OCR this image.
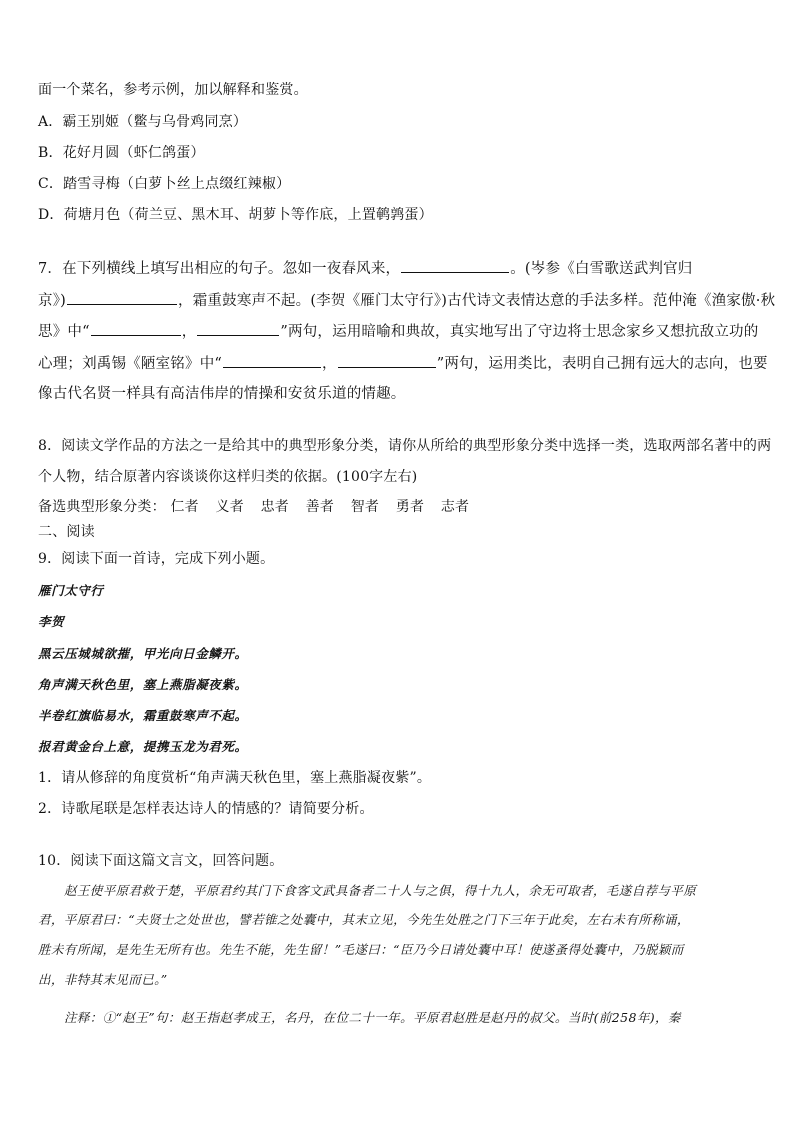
面一个菜名，参考示例，加以解释和鉴赏。
A．霸王别姬（鳖与乌骨鸡同烹）
B．花好月圆（虾仁鸽蛋）
C．踏雪寻梅（白萝卜丝上点缀红辣椒）
D．荷塘月色（荷兰豆、黑木耳、胡萝卜等作底，上置鹌鹑蛋）
7．在下列横线上填写出相应的句子。忽如一夜春风来，	。(岑参《白雪歌送武判官归
京》)	，霜重鼓寒声不起。(李贺《雁门太守行》)古代诗文表情达意的手法多样。范仲淹《渔家傲·秋
思》中“	，	”两句，运用暗喻和典故，真实地写出了守边将士思念家乡又想抗敌立功的
心理；刘禹锡《陋室铭》中“	，	”两句，运用类比，表明自己拥有远大的志向，也要
像古代名贤一样具有高洁伟岸的情操和安贫乐道的情趣。
8．阅读文学作品的方法之一是给其中的典型形象分类，请你从所给的典型形象分类中选择一类，选取两部名著中的两
个人物，结合原著内容谈谈你这样归类的依据。(100字左右)
备选典型形象分类： 仁者 义者 忠者 善者 智者 勇者 志者
二、阅读
9．阅读下面一首诗，完成下列小题。
雁门太守行
李贺
黑云压城城欲摧，甲光向日金鳞开。
角声满天秋色里，塞上燕脂凝夜紫。
半卷红旗临易水，霜重鼓寒声不起。
报君黄金台上意，提携玉龙为君死。
1．请从修辞的角度赏析“角声满天秋色里，塞上燕脂凝夜紫”。
2．诗歌尾联是怎样表达诗人的情感的？请简要分析。
10．阅读下面这篇文言文，回答问题。
赵王使平原君救于楚，平原君约其门下食客文武具备者二十人与之俱，得十九人，余无可取者，毛遂自荐与平原
君，平原君曰：“夫贤士之处世也，譬若锥之处囊中，其末立见，今先生处胜之门下三年于此矣，左右未有所称诵，
胜未有所闻，是先生无所有也。先生不能，先生留！”毛遂曰：“臣乃今日请处囊中耳！使遂蚤得处囊中，乃脱颖而
出，非特其末见而已。”
注释：①“赵王”句：赵王指赵孝成王，名丹，在位二十一年。平原君赵胜是赵丹的叔父。当时(前258年)，秦
